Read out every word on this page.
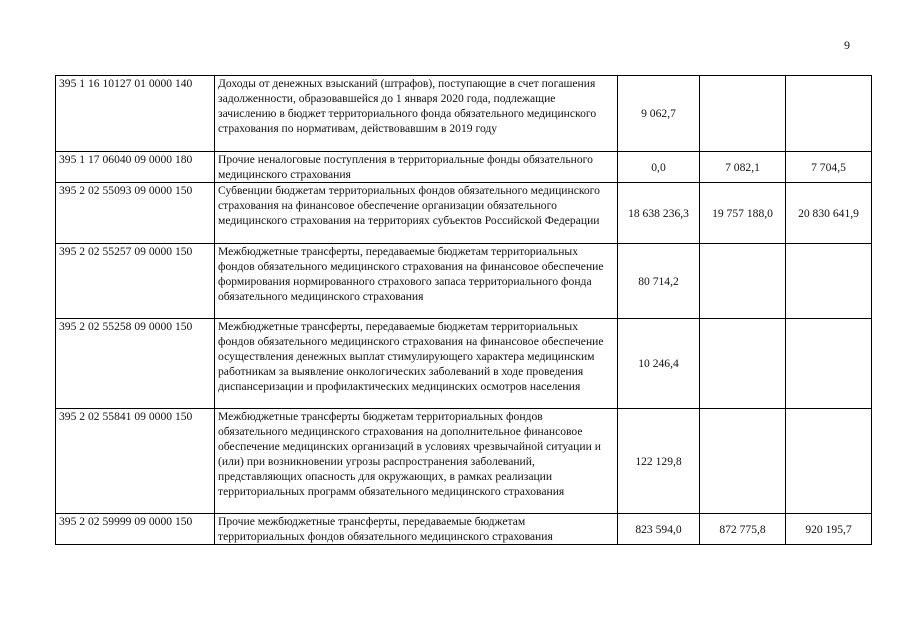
9
395 1 16 10127 01 0000 140	Доходы от денежных взысканий (штрафов), поступающие в счет погашения задолженности, образовавшейся до 1 января 2020 года, подлежащие зачислению в бюджет территориального фонда обязательного медицинского страхования по нормативам, действовавшим в 2019 году	9 062,7		
395 1 17 06040 09 0000 180	Прочие неналоговые поступления в территориальные фонды обязательного медицинского страхования	0,0	7 082,1	7 704,5
395 2 02 55093 09 0000 150	Субвенции бюджетам территориальных фондов обязательного медицинского страхования на финансовое обеспечение организации обязательного медицинского страхования на территориях субъектов Российской Федерации	18 638 236,3	19 757 188,0	20 830 641,9
395 2 02 55257 09 0000 150	Межбюджетные трансферты, передаваемые бюджетам территориальных фондов обязательного медицинского страхования на финансовое обеспечение формирования нормированного страхового запаса территориального фонда обязательного медицинского страхования	80 714,2		
395 2 02 55258 09 0000 150	Межбюджетные трансферты, передаваемые бюджетам территориальных фондов обязательного медицинского страхования на финансовое обеспечение осуществления денежных выплат стимулирующего характера медицинским работникам за выявление онкологических заболеваний в ходе проведения диспансеризации и профилактических медицинских осмотров населения	10 246,4		
395 2 02 55841 09 0000 150	Межбюджетные трансферты бюджетам территориальных фондов обязательного медицинского страхования на дополнительное финансовое обеспечение медицинских организаций в условиях чрезвычайной ситуации и (или) при возникновении угрозы распространения заболеваний, представляющих опасность для окружающих, в рамках реализации территориальных программ обязательного медицинского страхования	122 129,8		
395 2 02 59999 09 0000 150	Прочие межбюджетные трансферты, передаваемые бюджетам территориальных фондов обязательного медицинского страхования	823 594,0	872 775,8	920 195,7
